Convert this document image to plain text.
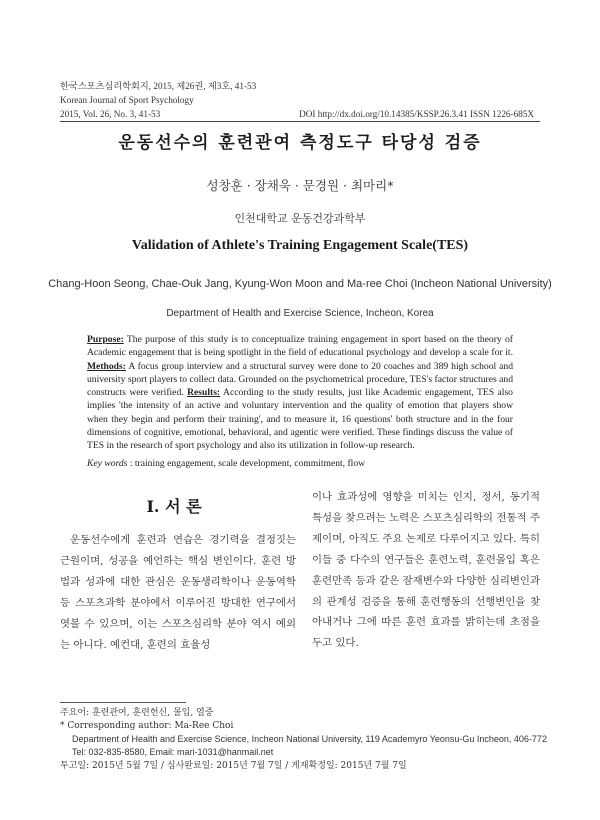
한국스포츠심리학회지, 2015, 제26권, 제3호, 41-53
Korean Journal of Sport Psychology
2015, Vol. 26, No. 3, 41-53	DOI http://dx.doi.org/10.14385/KSSP.26.3.41 ISSN 1226-685X
운동선수의 훈련관여 측정도구 타당성 검증
성창훈 · 장채욱 · 문경원 · 최마리*
인천대학교 운동건강과학부
Validation of Athlete's Training Engagement Scale(TES)
Chang-Hoon Seong, Chae-Ouk Jang, Kyung-Won Moon and Ma-ree Choi (Incheon National University)
Department of Health and Exercise Science, Incheon, Korea
Purpose: The purpose of this study is to conceptualize training engagement in sport based on the theory of Academic engagement that is being spotlight in the field of educational psychology and develop a scale for it. Methods: A focus group interview and a structural survey were done to 20 coaches and 389 high school and university sport players to collect data. Grounded on the psychometrical procedure, TES's factor structures and constructs were verified. Results: According to the study results, just like Academic engagement, TES also implies 'the intensity of an active and voluntary intervention and the quality of emotion that players show when they begin and perform their training', and to measure it, 16 questions' both structure and in the four dimensions of cognitive, emotional, behavioral, and agentic were verified. These findings discuss the value of TES in the research of sport psychology and also its utilization in follow-up research.
Key words : training engagement, scale development, commitment, flow
I. 서 론
운동선수에게 훈련과 연습은 경기력을 결정짓는 근원이며, 성공을 예언하는 핵심 변인이다. 훈련 방법과 성과에 대한 관심은 운동생리학이나 운동역학 등 스포츠과학 분야에서 이루어진 방대한 연구에서 엿볼 수 있으며, 이는 스포츠심리학 분야 역시 예외는 아니다. 예컨대, 훈련의 효율성
이나 효과성에 영향을 미치는 인지, 정서, 동기적 특성을 찾으려는 노력은 스포츠심리학의 전통적 주제이며, 아직도 주요 논제로 다루어지고 있다. 특히 이들 중 다수의 연구들은 훈련노력, 훈련몰입 혹은 훈련만족 등과 같은 잠재변수와 다양한 심리변인과의 관계성 검증을 통해 훈련행동의 선행변인을 찾아내거나 그에 따른 훈련 효과를 밝히는데 초점을 두고 있다.
주요어: 훈련관여, 훈련헌신, 몰입, 열중
* Corresponding author: Ma-Ree Choi
Department of Health and Exercise Science, Incheon National University, 119 Academyro Yeonsu-Gu Incheon, 406-772
Tel: 032-835-8580, Email: mari-1031@hanmail.net
투고일: 2015년 5월 7일 / 심사완료일: 2015년 7월 7일 / 게재확정일: 2015년 7월 7일
